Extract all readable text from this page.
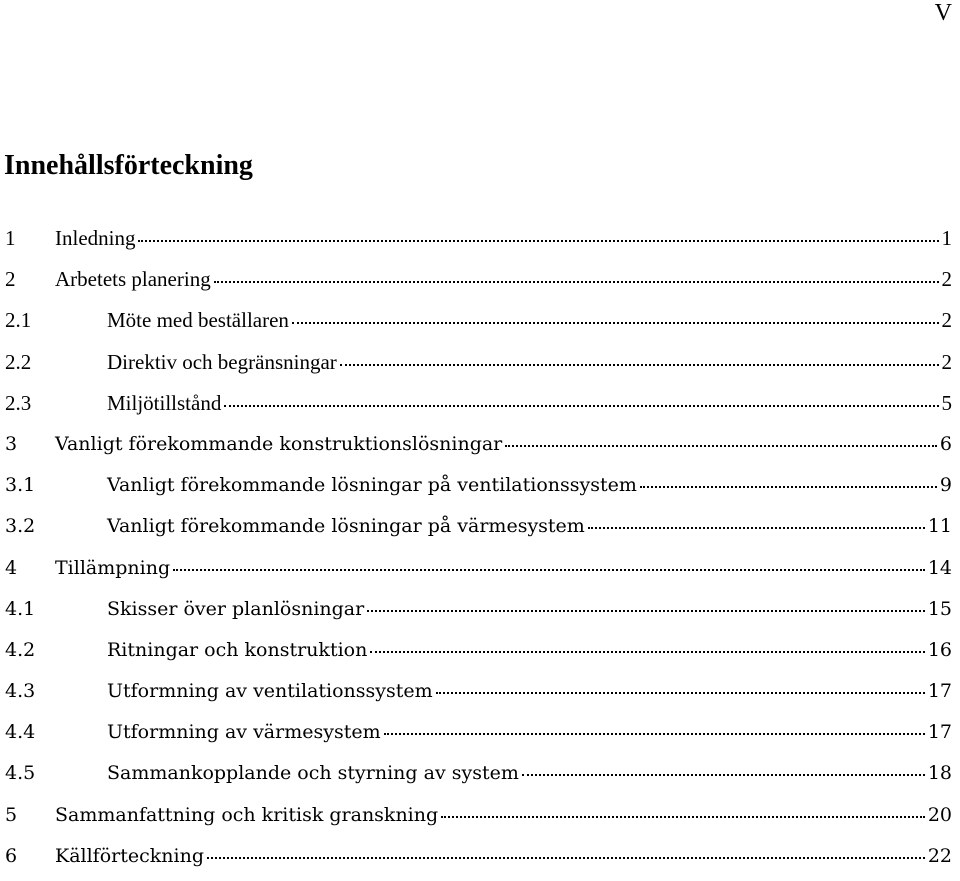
V
Innehållsförteckning
1	Inledning	1
2	Arbetets planering	2
2.1	Möte med beställaren	2
2.2	Direktiv och begränsningar	2
2.3	Miljötillstånd	5
3	Vanligt förekommande konstruktionslösningar	6
3.1	Vanligt förekommande lösningar på ventilationssystem	9
3.2	Vanligt förekommande lösningar på värmesystem	11
4	Tillämpning	14
4.1	Skisser över planlösningar	15
4.2	Ritningar och konstruktion	16
4.3	Utformning av ventilationssystem	17
4.4	Utformning av värmesystem	17
4.5	Sammankopplande och styrning av system	18
5	Sammanfattning och kritisk granskning	20
6	Källförteckning	22
